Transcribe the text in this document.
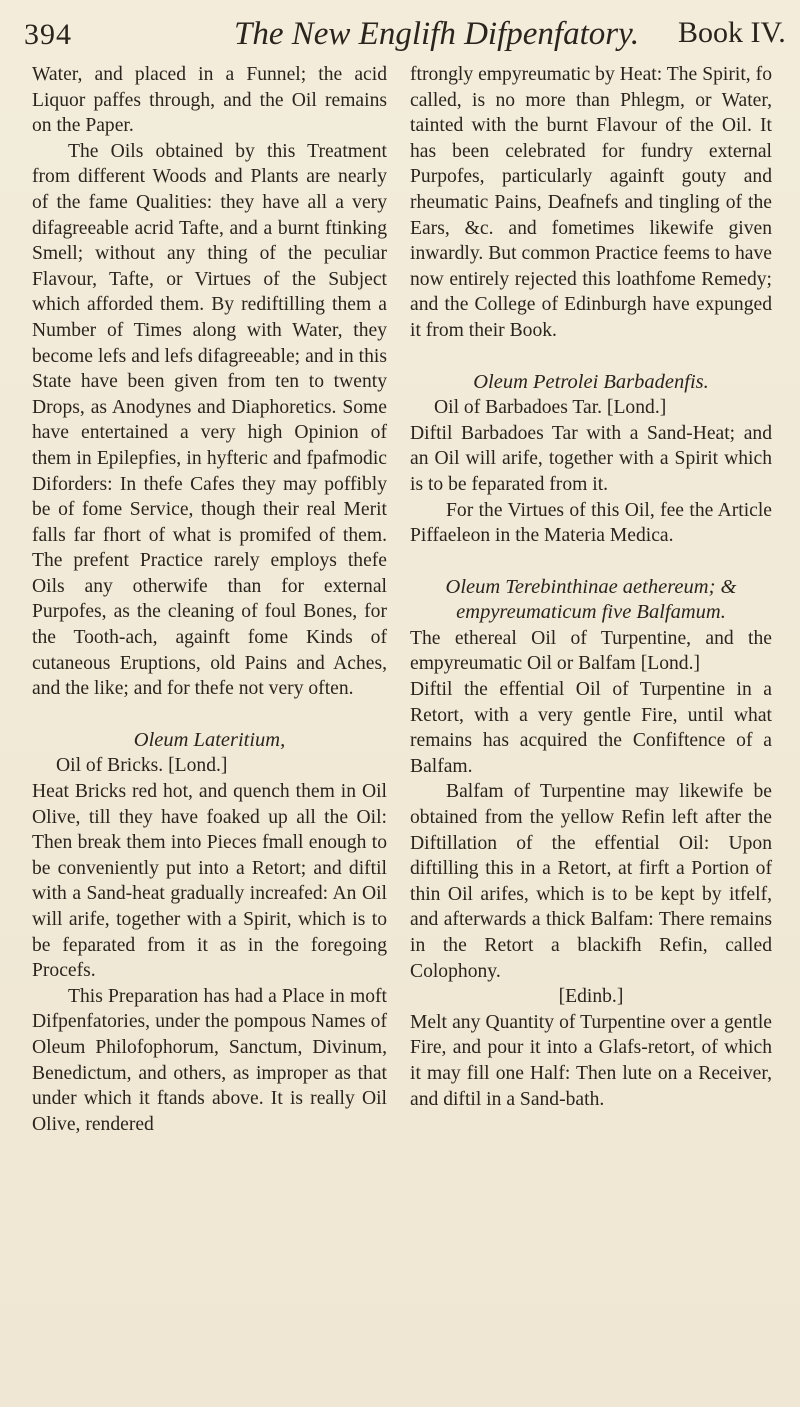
394	The New Englifh Difpenfatory. Book IV.

Water, and placed in a Funnel; the acid Liquor paffes through, and the Oil remains on the Paper.

The Oils obtained by this Treatment from different Woods and Plants are nearly of the fame Qualities: they have all a very difagreeable acrid Tafte, and a burnt ftinking Smell; without any thing of the peculiar Flavour, Tafte, or Virtues of the Subject which afforded them. By rediftilling them a Number of Times along with Water, they become lefs and lefs difagreeable; and in this State have been given from ten to twenty Drops, as Anodynes and Diaphoretics. Some have entertained a very high Opinion of them in Epilepfies, in hyfteric and fpafmodic Diforders: In thefe Cafes they may poffibly be of fome Service, though their real Merit falls far fhort of what is promifed of them. The prefent Practice rarely employs thefe Oils any otherwife than for external Purpofes, as the cleaning of foul Bones, for the Tooth-ach, againft fome Kinds of cutaneous Eruptions, old Pains and Aches, and the like; and for thefe not very often.

Oleum Lateritium,

Oil of Bricks. [Lond.]

Heat Bricks red hot, and quench them in Oil Olive, till they have foaked up all the Oil: Then break them into Pieces fmall enough to be conveniently put into a Retort; and diftil with a Sand-heat gradually increafed: An Oil will arife, together with a Spirit, which is to be feparated from it as in the foregoing Procefs.

This Preparation has had a Place in moft Difpenfatories, under the pompous Names of Oleum Philofophorum, Sanctum, Divinum, Benedictum, and others, as improper as that under which it ftands above. It is really Oil Olive, rendered

ftrongly empyreumatic by Heat: The Spirit, fo called, is no more than Phlegm, or Water, tainted with the burnt Flavour of the Oil. It has been celebrated for fundry external Purpofes, particularly againft gouty and rheumatic Pains, Deafnefs and tingling of the Ears, &c. and fometimes likewife given inwardly. But common Practice feems to have now entirely rejected this loathfome Remedy; and the College of Edinburgh have expunged it from their Book.

Oleum Petrolei Barbadenfis.

Oil of Barbadoes Tar. [Lond.]

Diftil Barbadoes Tar with a Sand-Heat; and an Oil will arife, together with a Spirit which is to be feparated from it.

For the Virtues of this Oil, fee the Article Piffaeleon in the Materia Medica.

Oleum Terebinthinae aethereum; & empyreumaticum five Balfamum.

The ethereal Oil of Turpentine, and the empyreumatic Oil or Balfam [Lond.]

Diftil the effential Oil of Turpentine in a Retort, with a very gentle Fire, until what remains has acquired the Confiftence of a Balfam.

Balfam of Turpentine may likewife be obtained from the yellow Refin left after the Diftillation of the effential Oil: Upon diftilling this in a Retort, at firft a Portion of thin Oil arifes, which is to be kept by itfelf, and afterwards a thick Balfam: There remains in the Retort a blackifh Refin, called Colophony.

[Edinb.]

Melt any Quantity of Turpentine over a gentle Fire, and pour it into a Glafs-retort, of which it may fill one Half: Then lute on a Receiver, and diftil in a Sand-bath.
